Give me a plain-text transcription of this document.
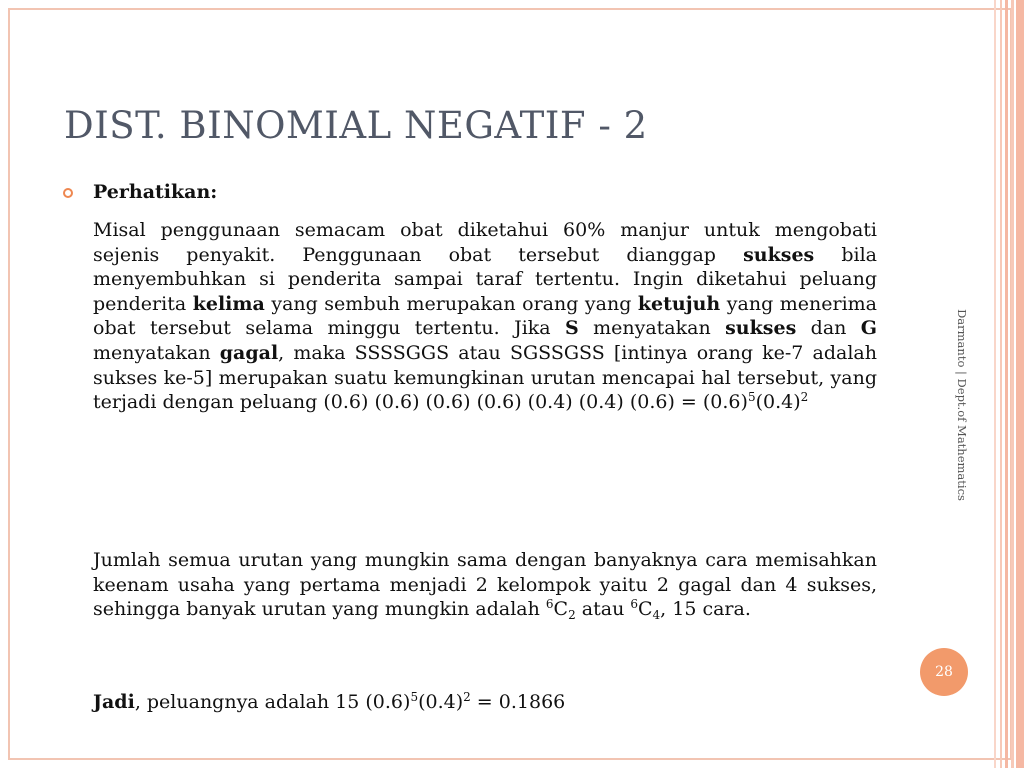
DIST. BINOMIAL NEGATIF - 2
Perhatikan:

Misal penggunaan semacam obat diketahui 60% manjur untuk mengobati sejenis penyakit. Penggunaan obat tersebut dianggap sukses bila menyembuhkan si penderita sampai taraf tertentu. Ingin diketahui peluang penderita kelima yang sembuh merupakan orang yang ketujuh yang menerima obat tersebut selama minggu tertentu. Jika S menyatakan sukses dan G menyatakan gagal, maka SSSSGGS atau SGSSGSS [intinya orang ke-7 adalah sukses ke-5] merupakan suatu kemungkinan urutan mencapai hal tersebut, yang terjadi dengan peluang (0.6) (0.6) (0.6) (0.6) (0.4) (0.4) $(0.6) = (0.6)^5(0.4)^2$

Jumlah semua urutan yang mungkin sama dengan banyaknya cara memisahkan keenam usaha yang pertama menjadi 2 kelompok yaitu 2 gagal dan 4 sukses, sehingga banyak urutan yang mungkin adalah $^6C_2$ atau $^6C_4$, 15 cara.

Jadi, peluangnya adalah 15 $(0.6)^5(0.4)^2 = 0.1866$

Darmanto | Dept.of Mathematics
28
